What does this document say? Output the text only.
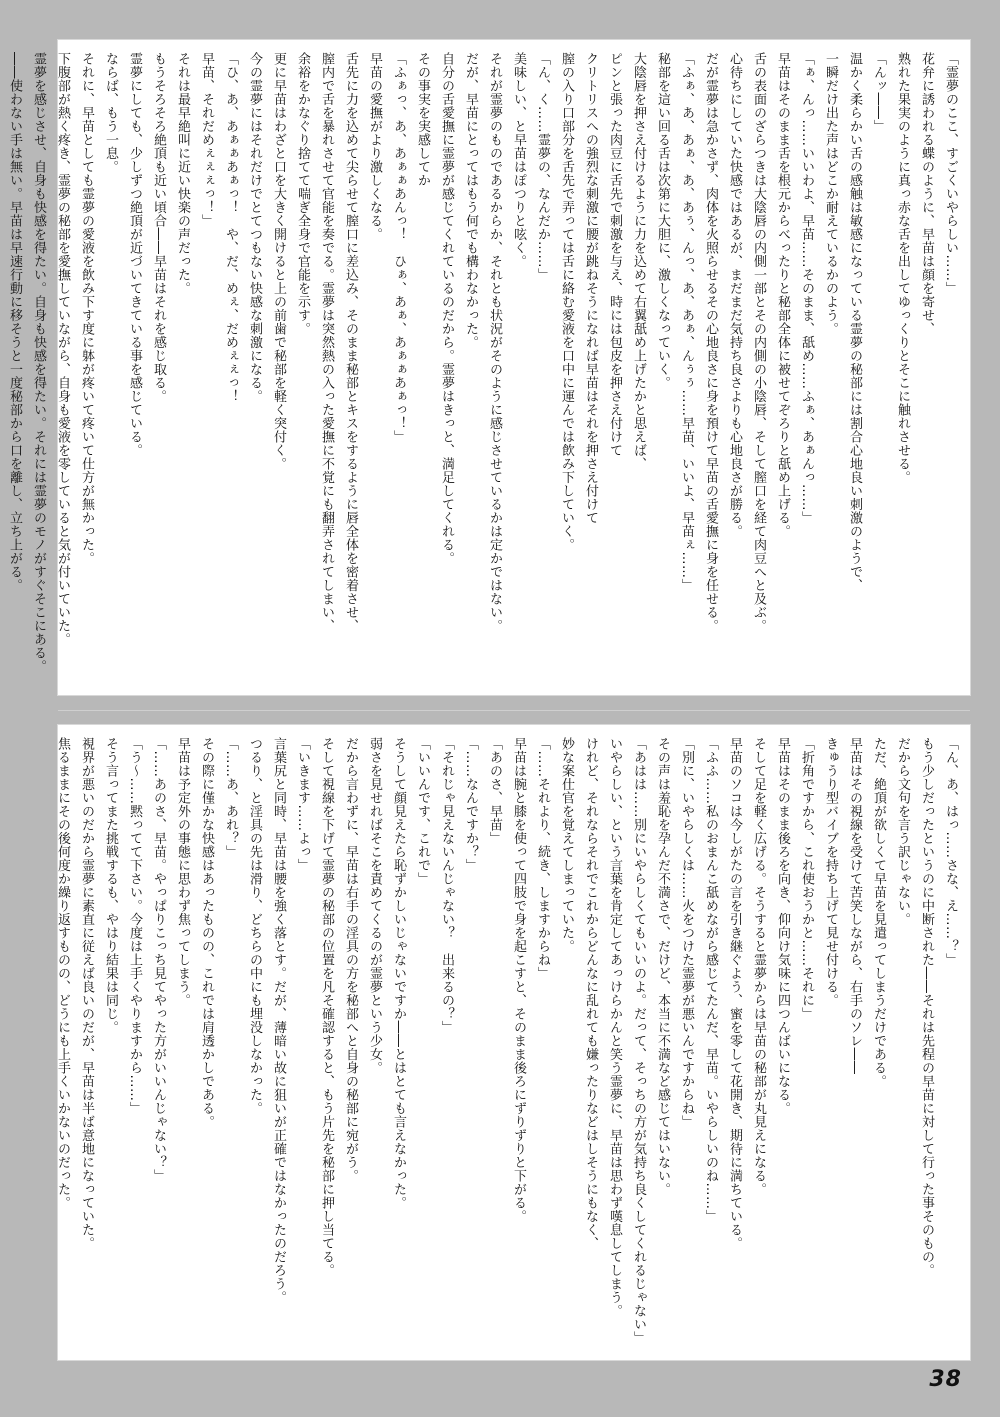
「霊夢のここ、すごくいやらしい……」
花弁に誘われる蝶のように、早苗は顔を寄せ、
熟れた果実のように真っ赤な舌を出してゆっくりとそこに触れさせる。
「んッ――」
温かく柔らかい舌の感触は敏感になっている霊夢の秘部には割合心地良い刺激のようで、
一瞬だけ出た声はどこか耐えているかのよう。
「ぁ、んっ……いいわよ、早苗……そのまま、舐め……ふぁ、あぁんっ……」
早苗はそのまま舌を根元からべったりと秘部全体に被せてぞろりと舐め上げる。
舌の表面のざらつきは大陰唇の内側一部とその内側の小陰唇、そして膣口を経て肉豆へと及ぶ。
心待ちにしていた快感ではあるが、まだまだ気持ち良さよりも心地良さが勝る。
だが霊夢は急かさず、肉体を火照らせるその心地良さに身を預けて早苗の舌愛撫に身を任せる。
「ふぁ、あ、あぁ、あ、あぅ、んっ、あ、あぁ、んぅぅ……早苗、いいよ、早苗ぇ……」
秘部を這い回る舌は次第に大胆に、激しくなっていく。
大陰唇を押さえ付けるように力を込めて右翼舐め上げたかと思えば、
ピンと張った肉豆に舌先で刺激を与え、時には包皮を押さえ付けて
クリトリスへの強烈な刺激に腰が跳ねそうになれば早苗はそれを押さえ付けて
膣の入り口部分を舌先で弄っては舌に絡む愛液を口中に運んでは飲み下していく。
「ん、く……霊夢の、なんだか……」
美味しい、と早苗はぽつりと呟く。
それが霊夢のものであるからか、それとも状況がそのように感じさせているかは定かではない。
だが、早苗にとってはもう何でも構わなかった。
自分の舌愛撫に霊夢が感じてくれているのだから。霊夢はきっと、満足してくれる。
その事実を実感してか
「ふぁっ、あ、あぁぁあんっ！　ひぁ、あぁ、あぁぁあぁっ！」
早苗の愛撫がより激しくなる。
舌先に力を込めて尖らせて膣口に差込み、そのまま秘部とキスをするように唇全体を密着させ、
膣内で舌を暴れさせて官能を奏でる。霊夢は突然熱の入った愛撫に不覚にも翻弄されてしまい、
余裕をかなぐり捨てて喘ぎ全身で官能を示す。
更に早苗はわざと口を大きく開けると上の前歯で秘部を軽く突付く。
今の霊夢にはそれだけでとてつもない快感な刺激になる。
「ひ、あ、あぁぁあぁっ！　や、だ、めぇ、だめぇぇっ！
早苗、それだめぇぇぇっ！」
それは最早絶叫に近い快楽の声だった。
もうそろそろ絶頂も近い頃合――早苗はそれを感じ取る。
霊夢にしても、少しずつ絶頂が近づいてきている事を感じている。
ならば、もう一息。
それに、早苗としても霊夢の愛液を飲み下す度に躰が疼いて疼いて仕方が無かった。
下腹部が熱く疼き、霊夢の秘部を愛撫していながら、自身も愛液を零していると気が付いていた。
霊夢を感じさせ、自身も快感を得たい。自身も快感を得たい。それには霊夢のモノがすぐそこにある。
――使わない手は無い。早苗は早速行動に移そうと一度秘部から口を離し、立ち上がる。
「ん、あ、はっ……さな、え……？」
もう少しだったというのに中断された――それは先程の早苗に対して行った事そのもの。
だから文句を言う訳じゃない。
ただ、絶頂が欲しくて早苗を見遣ってしまうだけである。
早苗はその視線を受けて苦笑しながら、右手のソレ――
きゅうり型バイブを持ち上げて見せ付ける。
「折角ですから、これ使おうかと……それに」
早苗はそのまま後ろを向き、仰向け気味に四つんばいになる。
そして足を軽く広げる。そうすると霊夢からは早苗の秘部が丸見えになる。
早苗のソコは今しがたの言を引き継ぐよう、蜜を零して花開き、期待に満ちている。
「ふふ……私のおまんこ舐めながら感じてたんだ、早苗。いやらしいのね……」
「別に、いやらしくは……火をつけた霊夢が悪いんですからね」
その声は羞恥を孕んだ不満さで、だけど、本当に不満など感じてはいない。
「あはは……別にいやらしくてもいいのよ。だって、そっちの方が気持ち良くしてくれるじゃない」
いやらしい、という言葉を肯定してあっけらかんと笑う霊夢に、早苗は思わず嘆息してしまう。
けれど、それならそれでこれからどんなに乱れても嫌ったりなどはしそうにもなく、
妙な案仕官を覚えてしまっていた。
「……それより、続き、しますからね」
早苗は腕と膝を使って四肢で身を起こすと、そのまま後ろにずりずりと下がる。
「あのさ、早苗」
「……なんですか？」
「それじゃ見えないんじゃない？　出来るの？」
「いいんです、これで」
そうして顔見えたら恥ずかしいじゃないですか――とはとても言えなかった。
弱さを見せればそこを責めてくるのが霊夢という少女。
だから言わずに、早苗は右手の淫具の方を秘部へと自身の秘部に宛がう。
そして視線を下げて霊夢の秘部の位置を凡そ確認すると、もう片先を秘部に押し当てる。
「いきます……よっ」
言葉尻と同時、早苗は腰を強く落とす。だが、薄暗い故に狙いが正確ではなかったのだろう。
つるり、と淫具の先は滑り、どちらの中にも埋没しなかった。
「……あ、あれ？」
その際に僅かな快感はあったものの、これでは肩透かしである。
早苗は予定外の事態に思わず焦ってしまう。
「……あのさ、早苗。やっぱりこっち見てやった方がいいんじゃない？」
「う～……黙ってて下さい。今度は上手くやりますから……」
そう言ってまた挑戦するも、やはり結果は同じ。
視界が悪いのだから霊夢に素直に従えば良いのだが、早苗は半ば意地になっていた。
焦るままにその後何度か繰り返すものの、どうにも上手くいかないのだった。
38
